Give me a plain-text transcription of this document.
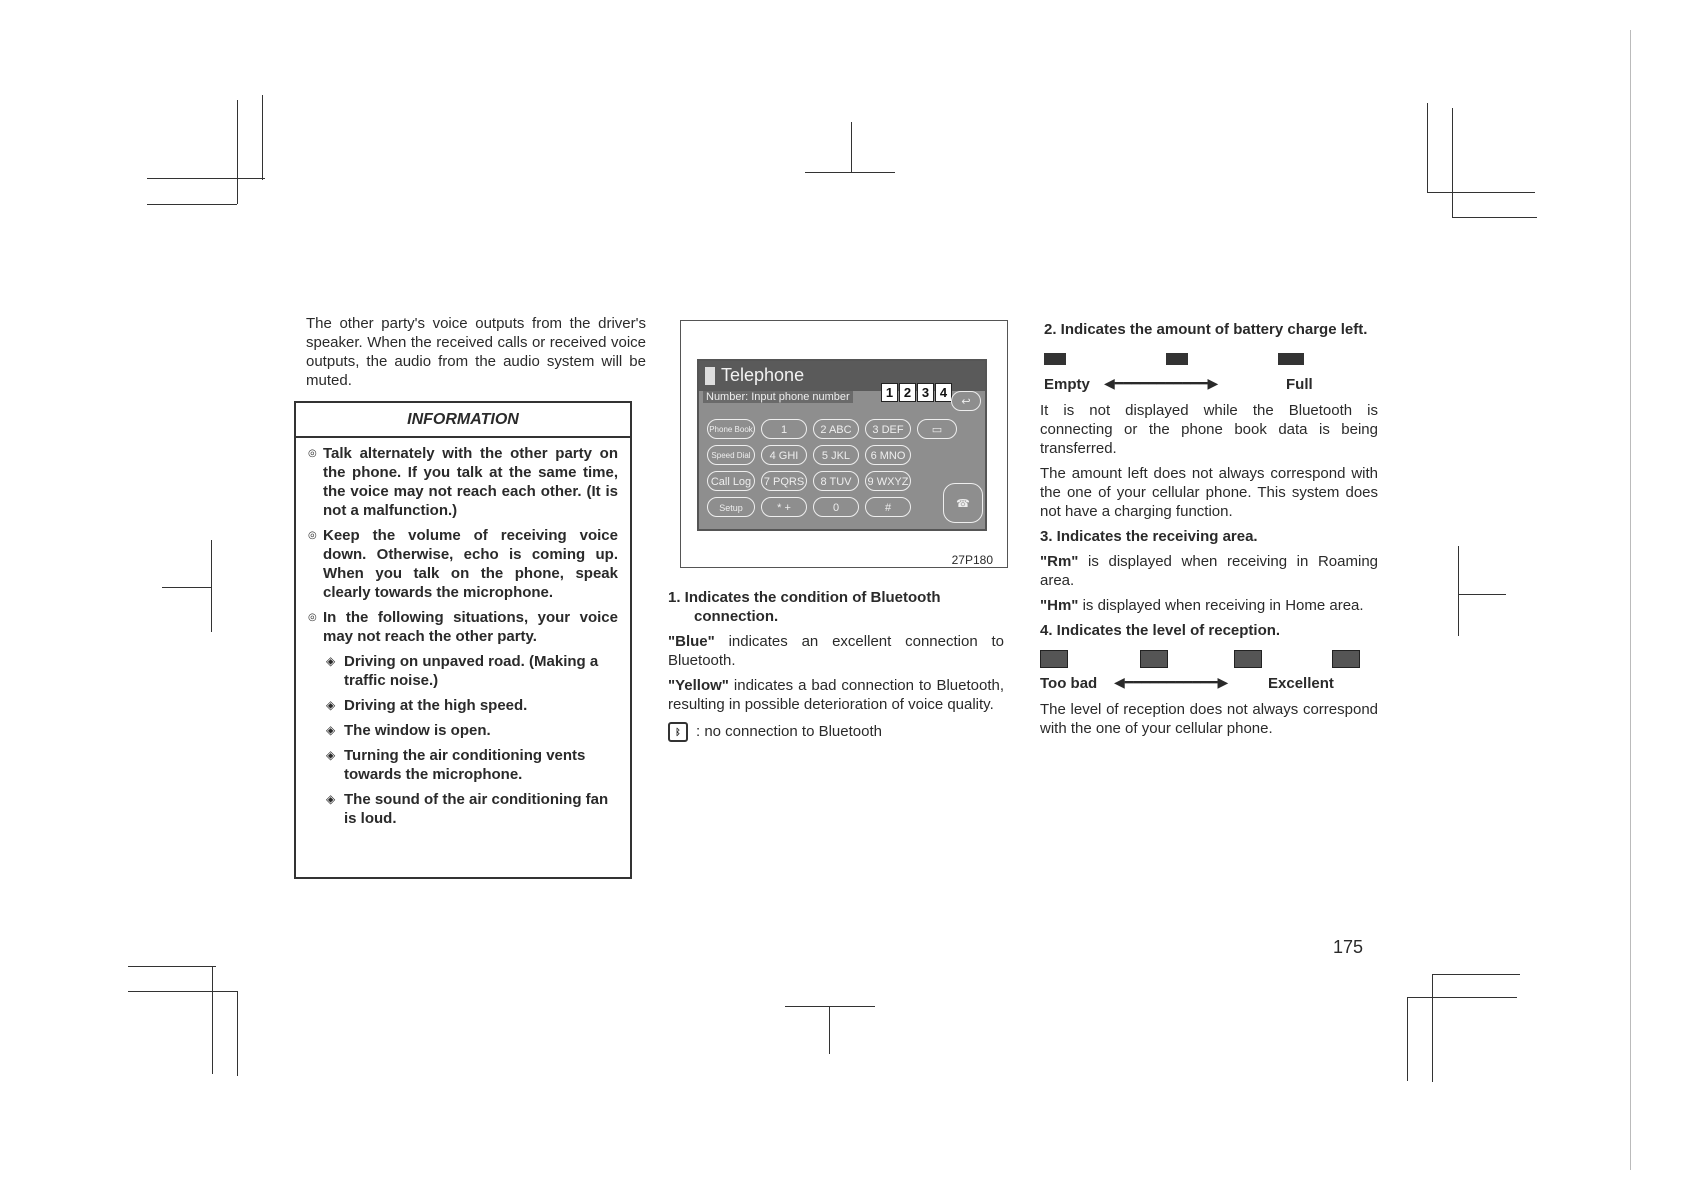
The other party's voice outputs from the driver's speaker. When the received calls or received voice outputs, the audio from the audio system will be muted.

INFORMATION
◎ Talk alternately with the other party on the phone. If you talk at the same time, the voice may not reach each other. (It is not a malfunction.)
◎ Keep the volume of receiving voice down. Otherwise, echo is coming up. When you talk on the phone, speak clearly towards the microphone.
◎ In the following situations, your voice may not reach the other party.
◈ Driving on unpaved road. (Making a traffic noise.)
◈ Driving at the high speed.
◈ The window is open.
◈ Turning the air conditioning vents towards the microphone.
◈ The sound of the air conditioning fan is loud.
Telephone
Number: Input phone number	1 2 3 4
↩
Phone Book
Speed Dial
Call Log
Setup
1	2 ABC	3 DEF
4 GHI	5 JKL	6 MNO
7 PQRS	8 TUV	9 WXYZ
* +	0	#
▭
☎
27P180

1. Indicates the condition of Bluetooth connection.

"Blue" indicates an excellent connection to Bluetooth.

"Yellow" indicates a bad connection to Bluetooth, resulting in possible deterioration of voice quality.

ᛒ : no connection to Bluetooth

2. Indicates the amount of battery charge left.

Empty ◀━━━━━━━━━━━▶	Full

It is not displayed while the Bluetooth is connecting or the phone book data is being transferred.

The amount left does not always correspond with the one of your cellular phone. This system does not have a charging function.

3. Indicates the receiving area.

"Rm" is displayed when receiving in Roaming area.

"Hm" is displayed when receiving in Home area.

4. Indicates the level of reception.

Too bad ◀━━━━━━━━━━━▶	Excellent

The level of reception does not always correspond with the one of your cellular phone.

175
